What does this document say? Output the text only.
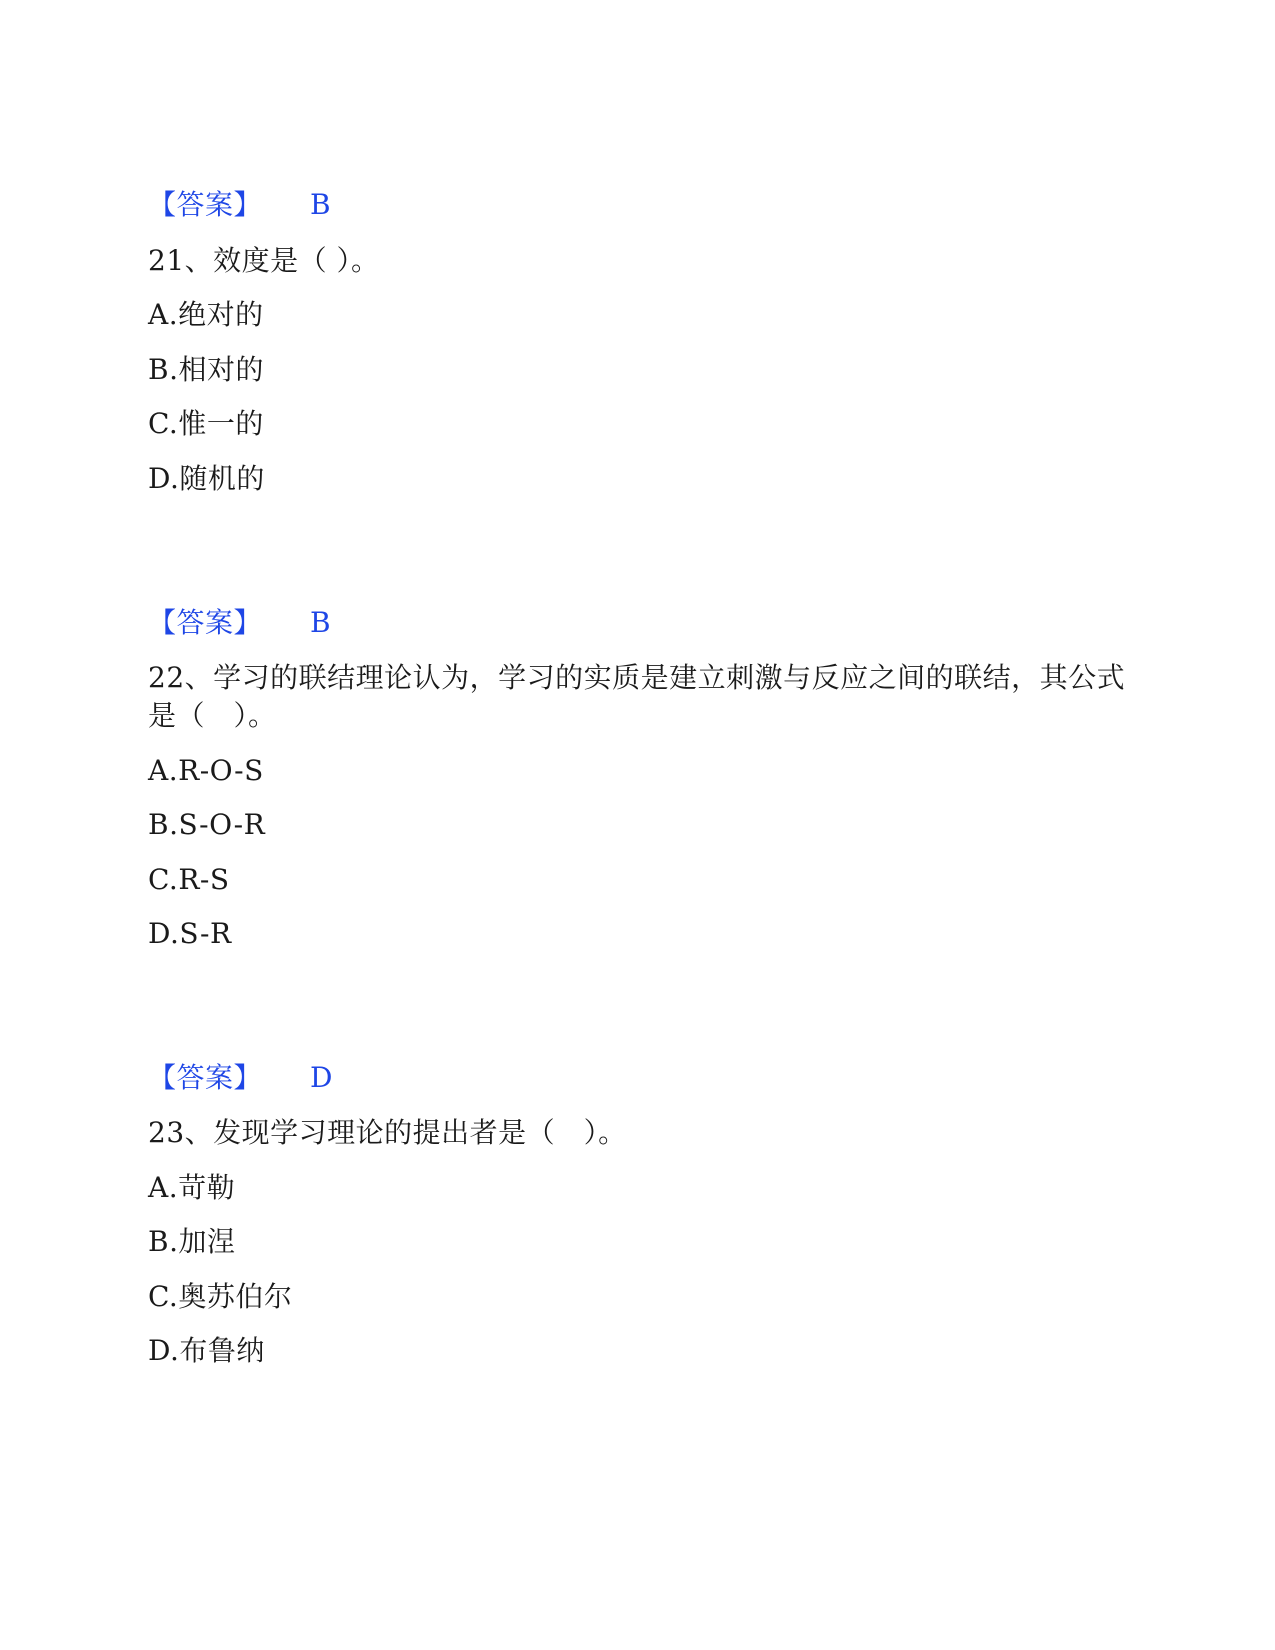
【答案】 B
21、效度是（ ）。
A.绝对的
B.相对的
C.惟一的
D.随机的
【答案】 B
22、学习的联结理论认为，学习的实质是建立刺激与反应之间的联结，其公式是（　）。
A.R-O-S
B.S-O-R
C.R-S
D.S-R
【答案】 D
23、发现学习理论的提出者是（　）。
A.苛勒
B.加涅
C.奥苏伯尔
D.布鲁纳
